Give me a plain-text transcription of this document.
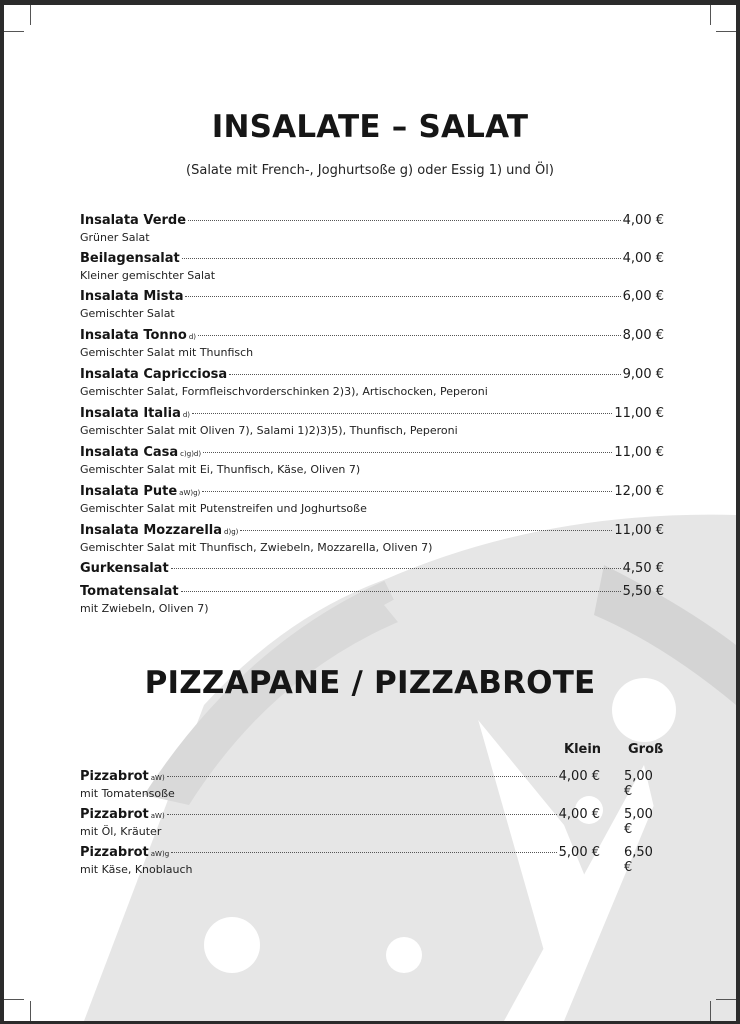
INSALATE – SALAT
(Salate mit French-, Joghurtsoße g) oder Essig 1) und Öl)
Insalata Verde	4,00 €
Grüner Salat
Beilagensalat	4,00 €
Kleiner gemischter Salat
Insalata Mista	6,00 €
Gemischter Salat
Insalata Tonno d)	8,00 €
Gemischter Salat mit Thunfisch
Insalata Capricciosa	9,00 €
Gemischter Salat, Formfleischvorderschinken 2)3), Artischocken, Peperoni
Insalata Italia d)	11,00 €
Gemischter Salat mit Oliven 7), Salami 1)2)3)5), Thunfisch, Peperoni
Insalata Casa c)g)d)	11,00 €
Gemischter Salat mit Ei, Thunfisch, Käse, Oliven 7)
Insalata Pute aW)g)	12,00 €
Gemischter Salat mit Putenstreifen und Joghurtsoße
Insalata Mozzarella d)g)	11,00 €
Gemischter Salat mit Thunfisch, Zwiebeln, Mozzarella, Oliven 7)
Gurkensalat	4,50 €
Tomatensalat	5,50 €
mit Zwiebeln, Oliven 7)
PIZZAPANE / PIZZABROTE
Klein Groß
Pizzabrot aW)	4,00 € 5,00 €
mit Tomatensoße
Pizzabrot aW)	4,00 € 5,00 €
mit Öl, Kräuter
Pizzabrot aW)g	5,00 € 6,50 €
mit Käse, Knoblauch
